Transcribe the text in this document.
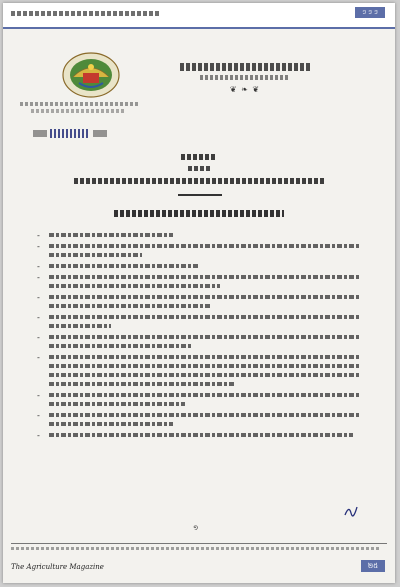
ៗ ៗ ៗ
❦ ❧ ❦
-
-
-
-
-
-
-
-
-
-
-
១
The Agriculture Magazine	២៥
